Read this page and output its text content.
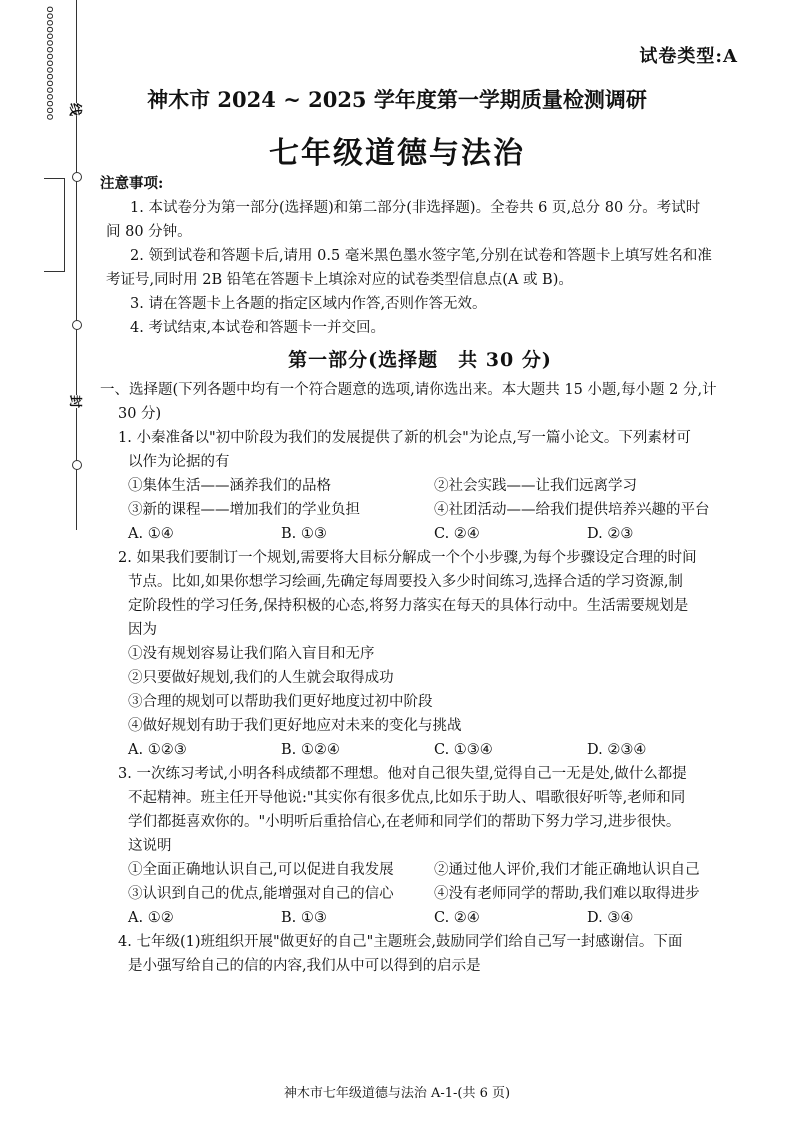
ooooooooooooooooo 线
封
试卷类型:A
神木市 2024 ~ 2025 学年度第一学期质量检测调研
七年级道德与法治
注意事项:
1. 本试卷分为第一部分(选择题)和第二部分(非选择题)。全卷共 6 页,总分 80 分。考试时
间 80 分钟。
2. 领到试卷和答题卡后,请用 0.5 毫米黑色墨水签字笔,分别在试卷和答题卡上填写姓名和准
考证号,同时用 2B 铅笔在答题卡上填涂对应的试卷类型信息点(A 或 B)。
3. 请在答题卡上各题的指定区域内作答,否则作答无效。
4. 考试结束,本试卷和答题卡一并交回。
第一部分(选择题　共 30 分)
一、选择题(下列各题中均有一个符合题意的选项,请你选出来。本大题共 15 小题,每小题 2 分,计
30 分)
1. 小秦准备以"初中阶段为我们的发展提供了新的机会"为论点,写一篇小论文。下列素材可
以作为论据的有
①集体生活——涵养我们的品格	②社会实践——让我们远离学习
③新的课程——增加我们的学业负担	④社团活动——给我们提供培养兴趣的平台
A. ①④	B. ①③	C. ②④	D. ②③
2. 如果我们要制订一个规划,需要将大目标分解成一个个小步骤,为每个步骤设定合理的时间
节点。比如,如果你想学习绘画,先确定每周要投入多少时间练习,选择合适的学习资源,制
定阶段性的学习任务,保持积极的心态,将努力落实在每天的具体行动中。生活需要规划是
因为
①没有规划容易让我们陷入盲目和无序
②只要做好规划,我们的人生就会取得成功
③合理的规划可以帮助我们更好地度过初中阶段
④做好规划有助于我们更好地应对未来的变化与挑战
A. ①②③	B. ①②④	C. ①③④	D. ②③④
3. 一次练习考试,小明各科成绩都不理想。他对自己很失望,觉得自己一无是处,做什么都提
不起精神。班主任开导他说:"其实你有很多优点,比如乐于助人、唱歌很好听等,老师和同
学们都挺喜欢你的。"小明听后重拾信心,在老师和同学们的帮助下努力学习,进步很快。
这说明
①全面正确地认识自己,可以促进自我发展	②通过他人评价,我们才能正确地认识自己
③认识到自己的优点,能增强对自己的信心	④没有老师同学的帮助,我们难以取得进步
A. ①②	B. ①③	C. ②④	D. ③④
4. 七年级(1)班组织开展"做更好的自己"主题班会,鼓励同学们给自己写一封感谢信。下面
是小强写给自己的信的内容,我们从中可以得到的启示是
神木市七年级道德与法治 A-1-(共 6 页)
